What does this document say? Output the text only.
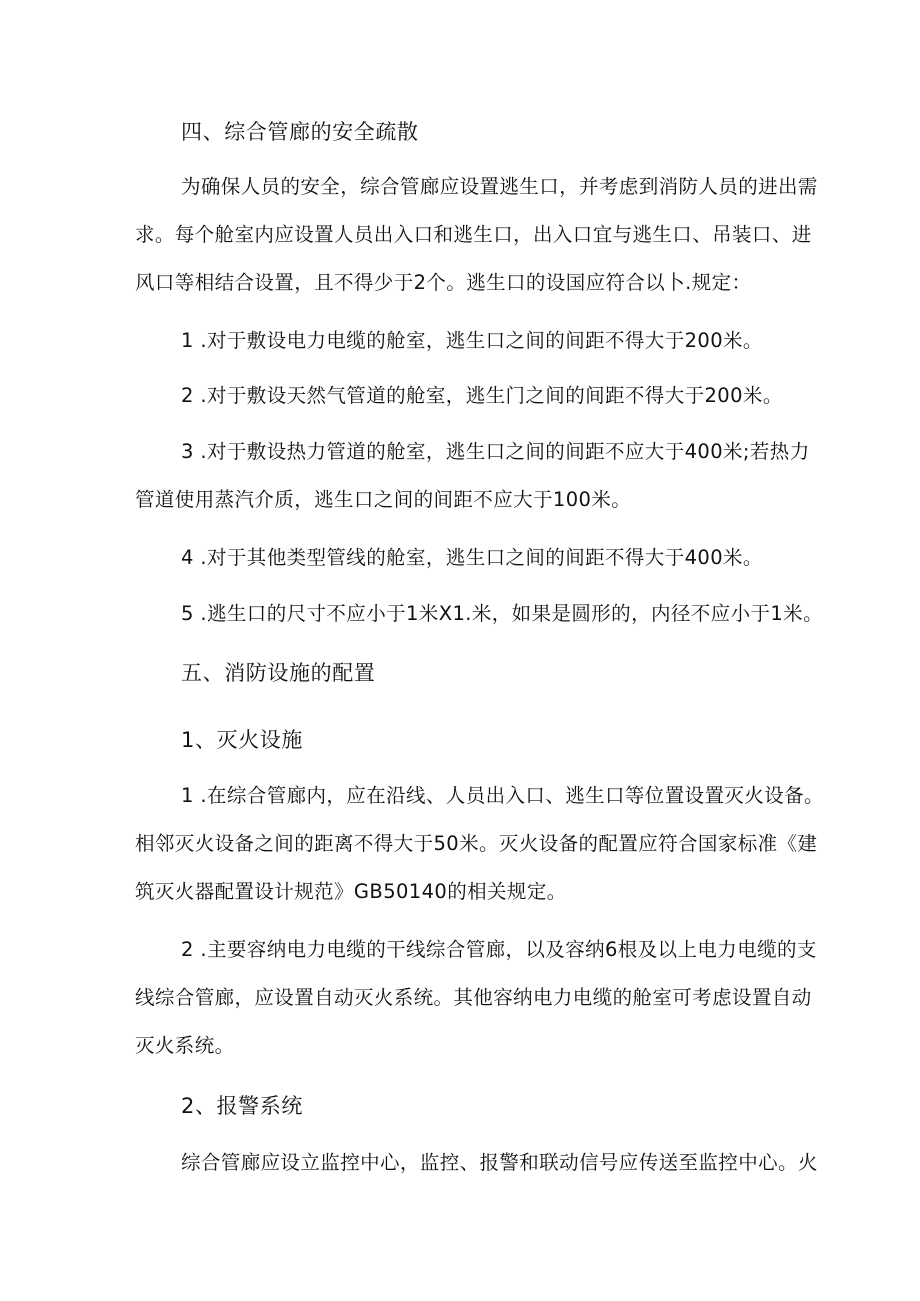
四、综合管廊的安全疏散
为确保人员的安全，综合管廊应设置逃生口，并考虑到消防人员的进出需
求。每个舱室内应设置人员出入口和逃生口，出入口宜与逃生口、吊装口、进
风口等相结合设置，且不得少于2个。逃生口的设国应符合以卜.规定：
1 .对于敷设电力电缆的舱室，逃生口之间的间距不得大于200米。
2 .对于敷设天然气管道的舱室，逃生门之间的间距不得大于200米。
3 .对于敷设热力管道的舱室，逃生口之间的间距不应大于400米;若热力
管道使用蒸汽介质，逃生口之间的间距不应大于100米。
4 .对于其他类型管线的舱室，逃生口之间的间距不得大于400米。
5 .逃生口的尺寸不应小于1米X1.米，如果是圆形的，内径不应小于1米。
五、消防设施的配置
1、灭火设施
1 .在综合管廊内，应在沿线、人员出入口、逃生口等位置设置灭火设备。
相邻灭火设备之间的距离不得大于50米。灭火设备的配置应符合国家标准《建
筑灭火器配置设计规范》GB50140的相关规定。
2 .主要容纳电力电缆的干线综合管廊，以及容纳6根及以上电力电缆的支
线综合管廊，应设置自动灭火系统。其他容纳电力电缆的舱室可考虑设置自动
灭火系统。
2、报警系统
综合管廊应设立监控中心，监控、报警和联动信号应传送至监控中心。火
